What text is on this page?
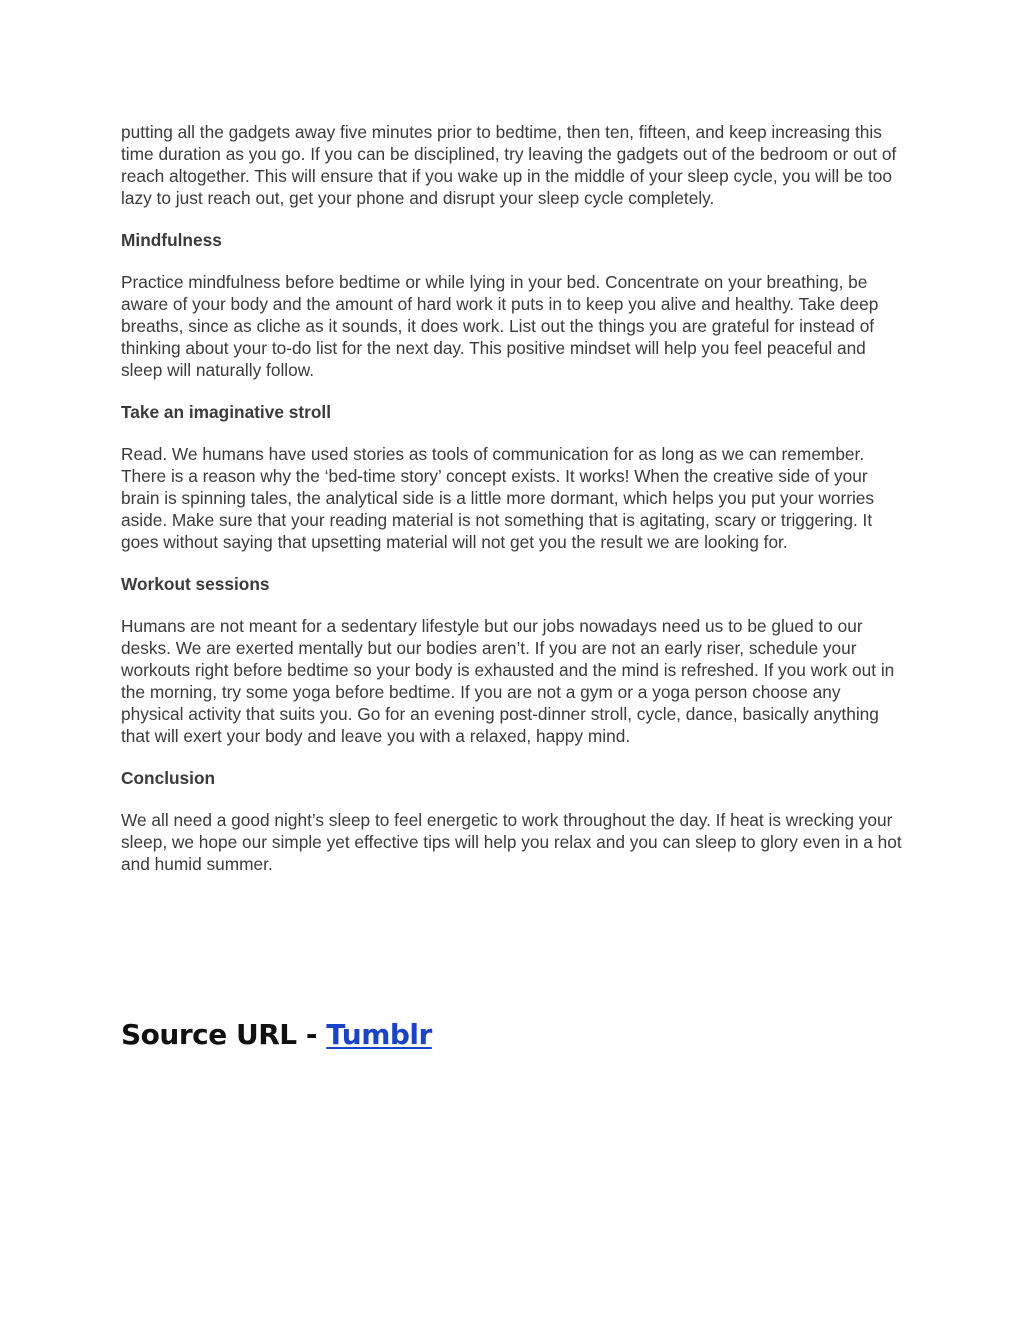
putting all the gadgets away five minutes prior to bedtime, then ten, fifteen, and keep increasing this time duration as you go. If you can be disciplined, try leaving the gadgets out of the bedroom or out of reach altogether. This will ensure that if you wake up in the middle of your sleep cycle, you will be too lazy to just reach out, get your phone and disrupt your sleep cycle completely.

Mindfulness

Practice mindfulness before bedtime or while lying in your bed. Concentrate on your breathing, be aware of your body and the amount of hard work it puts in to keep you alive and healthy. Take deep breaths, since as cliche as it sounds, it does work. List out the things you are grateful for instead of thinking about your to-do list for the next day. This positive mindset will help you feel peaceful and sleep will naturally follow.

Take an imaginative stroll

Read. We humans have used stories as tools of communication for as long as we can remember. There is a reason why the ‘bed-time story’ concept exists. It works! When the creative side of your brain is spinning tales, the analytical side is a little more dormant, which helps you put your worries aside. Make sure that your reading material is not something that is agitating, scary or triggering. It goes without saying that upsetting material will not get you the result we are looking for.

Workout sessions

Humans are not meant for a sedentary lifestyle but our jobs nowadays need us to be glued to our desks. We are exerted mentally but our bodies aren’t. If you are not an early riser, schedule your workouts right before bedtime so your body is exhausted and the mind is refreshed. If you work out in the morning, try some yoga before bedtime. If you are not a gym or a yoga person choose any physical activity that suits you. Go for an evening post-dinner stroll, cycle, dance, basically anything that will exert your body and leave you with a relaxed, happy mind.

Conclusion

We all need a good night’s sleep to feel energetic to work throughout the day. If heat is wrecking your sleep, we hope our simple yet effective tips will help you relax and you can sleep to glory even in a hot and humid summer.

Source URL - Tumblr
